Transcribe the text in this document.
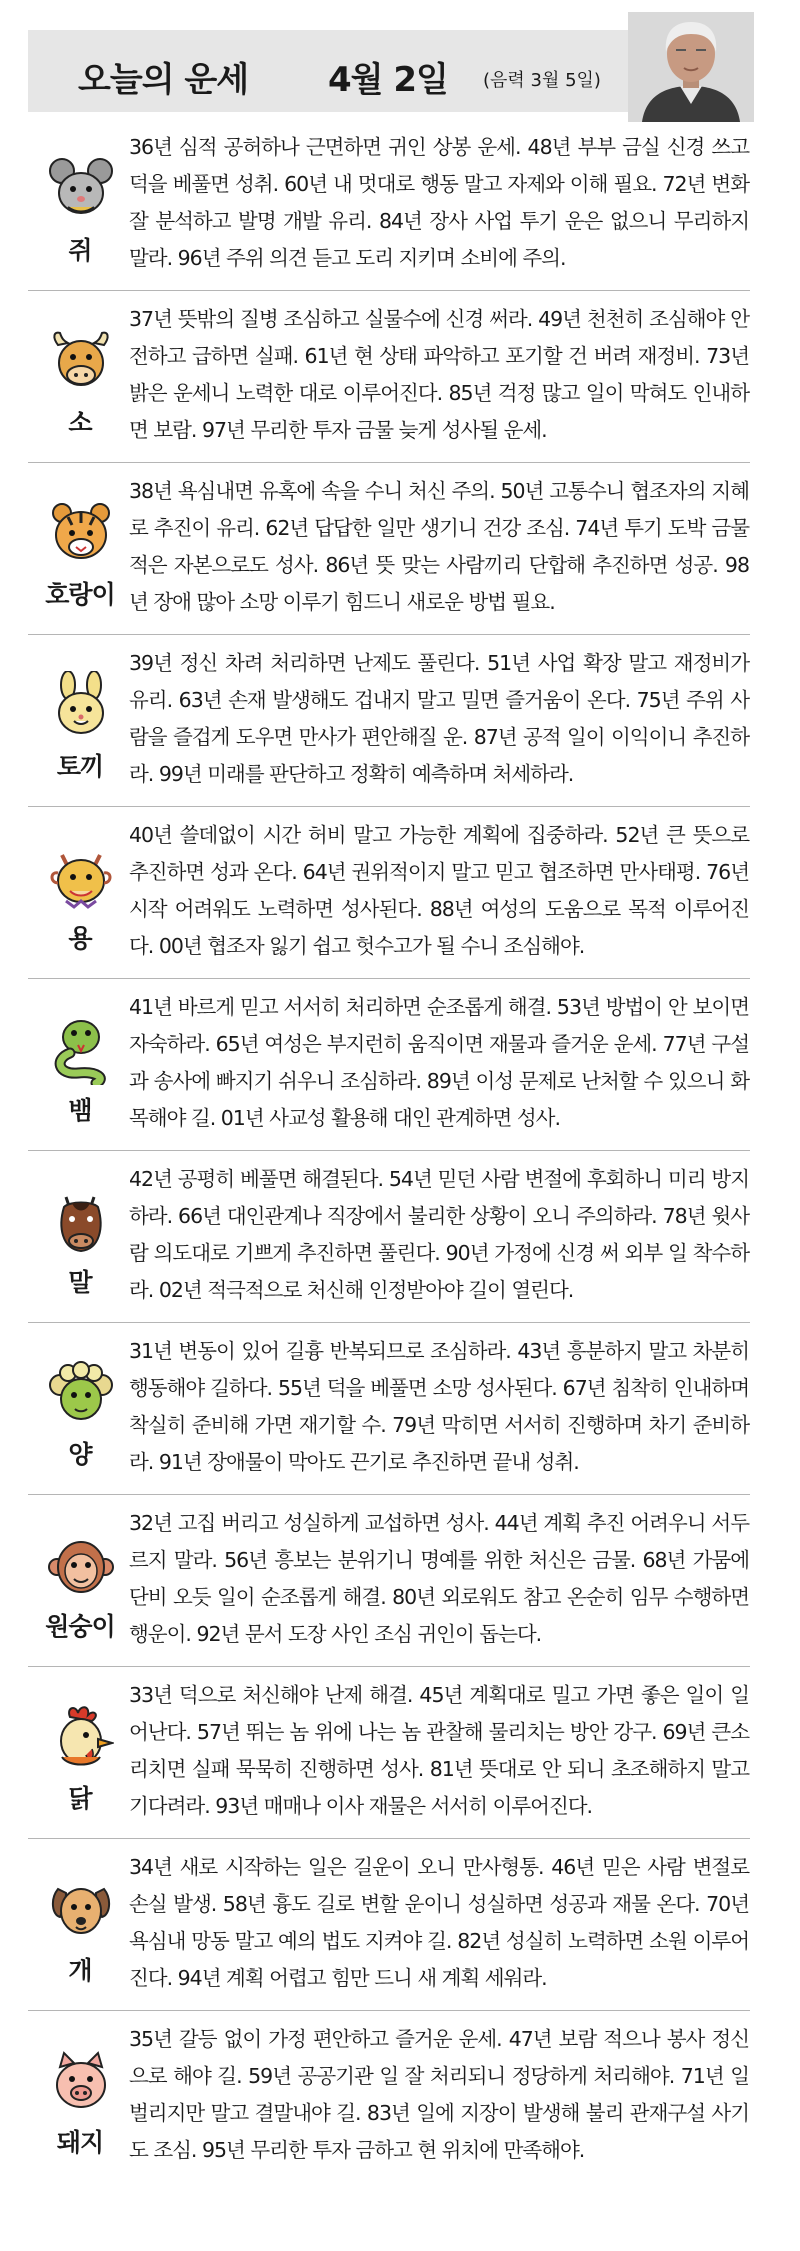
오늘의 운세 4월 2일 (음력 3월 5일)
쥐
36년 심적 공허하나 근면하면 귀인 상봉 운세. 48년 부부 금실 신경 쓰고 덕을 베풀면 성취. 60년 내 멋대로 행동 말고 자제와 이해 필요. 72년 변화 잘 분석하고 발명 개발 유리. 84년 장사 사업 투기 운은 없으니 무리하지 말라. 96년 주위 의견 듣고 도리 지키며 소비에 주의.
소
37년 뜻밖의 질병 조심하고 실물수에 신경 써라. 49년 천천히 조심해야 안전하고 급하면 실패. 61년 현 상태 파악하고 포기할 건 버려 재정비. 73년 밝은 운세니 노력한 대로 이루어진다. 85년 걱정 많고 일이 막혀도 인내하면 보람. 97년 무리한 투자 금물 늦게 성사될 운세.
호랑이
38년 욕심내면 유혹에 속을 수니 처신 주의. 50년 고통수니 협조자의 지혜로 추진이 유리. 62년 답답한 일만 생기니 건강 조심. 74년 투기 도박 금물 적은 자본으로도 성사. 86년 뜻 맞는 사람끼리 단합해 추진하면 성공. 98년 장애 많아 소망 이루기 힘드니 새로운 방법 필요.
토끼
39년 정신 차려 처리하면 난제도 풀린다. 51년 사업 확장 말고 재정비가 유리. 63년 손재 발생해도 겁내지 말고 밀면 즐거움이 온다. 75년 주위 사람을 즐겁게 도우면 만사가 편안해질 운. 87년 공적 일이 이익이니 추진하라. 99년 미래를 판단하고 정확히 예측하며 처세하라.
용
40년 쓸데없이 시간 허비 말고 가능한 계획에 집중하라. 52년 큰 뜻으로 추진하면 성과 온다. 64년 권위적이지 말고 믿고 협조하면 만사태평. 76년 시작 어려워도 노력하면 성사된다. 88년 여성의 도움으로 목적 이루어진다. 00년 협조자 잃기 쉽고 헛수고가 될 수니 조심해야.
뱀
41년 바르게 믿고 서서히 처리하면 순조롭게 해결. 53년 방법이 안 보이면 자숙하라. 65년 여성은 부지런히 움직이면 재물과 즐거운 운세. 77년 구설과 송사에 빠지기 쉬우니 조심하라. 89년 이성 문제로 난처할 수 있으니 화목해야 길. 01년 사교성 활용해 대인 관계하면 성사.
말
42년 공평히 베풀면 해결된다. 54년 믿던 사람 변절에 후회하니 미리 방지하라. 66년 대인관계나 직장에서 불리한 상황이 오니 주의하라. 78년 윗사람 의도대로 기쁘게 추진하면 풀린다. 90년 가정에 신경 써 외부 일 착수하라. 02년 적극적으로 처신해 인정받아야 길이 열린다.
양
31년 변동이 있어 길흉 반복되므로 조심하라. 43년 흥분하지 말고 차분히 행동해야 길하다. 55년 덕을 베풀면 소망 성사된다. 67년 침착히 인내하며 착실히 준비해 가면 재기할 수. 79년 막히면 서서히 진행하며 차기 준비하라. 91년 장애물이 막아도 끈기로 추진하면 끝내 성취.
원숭이
32년 고집 버리고 성실하게 교섭하면 성사. 44년 계획 추진 어려우니 서두르지 말라. 56년 흥보는 분위기니 명예를 위한 처신은 금물. 68년 가뭄에 단비 오듯 일이 순조롭게 해결. 80년 외로워도 참고 온순히 임무 수행하면 행운이. 92년 문서 도장 사인 조심 귀인이 돕는다.
닭
33년 덕으로 처신해야 난제 해결. 45년 계획대로 밀고 가면 좋은 일이 일어난다. 57년 뛰는 놈 위에 나는 놈 관찰해 물리치는 방안 강구. 69년 큰소리치면 실패 묵묵히 진행하면 성사. 81년 뜻대로 안 되니 초조해하지 말고 기다려라. 93년 매매나 이사 재물은 서서히 이루어진다.
개
34년 새로 시작하는 일은 길운이 오니 만사형통. 46년 믿은 사람 변절로 손실 발생. 58년 흉도 길로 변할 운이니 성실하면 성공과 재물 온다. 70년 욕심내 망동 말고 예의 법도 지켜야 길. 82년 성실히 노력하면 소원 이루어진다. 94년 계획 어렵고 힘만 드니 새 계획 세워라.
돼지
35년 갈등 없이 가정 편안하고 즐거운 운세. 47년 보람 적으나 봉사 정신으로 해야 길. 59년 공공기관 일 잘 처리되니 정당하게 처리해야. 71년 일 벌리지만 말고 결말내야 길. 83년 일에 지장이 발생해 불리 관재구설 사기도 조심. 95년 무리한 투자 금하고 현 위치에 만족해야.
